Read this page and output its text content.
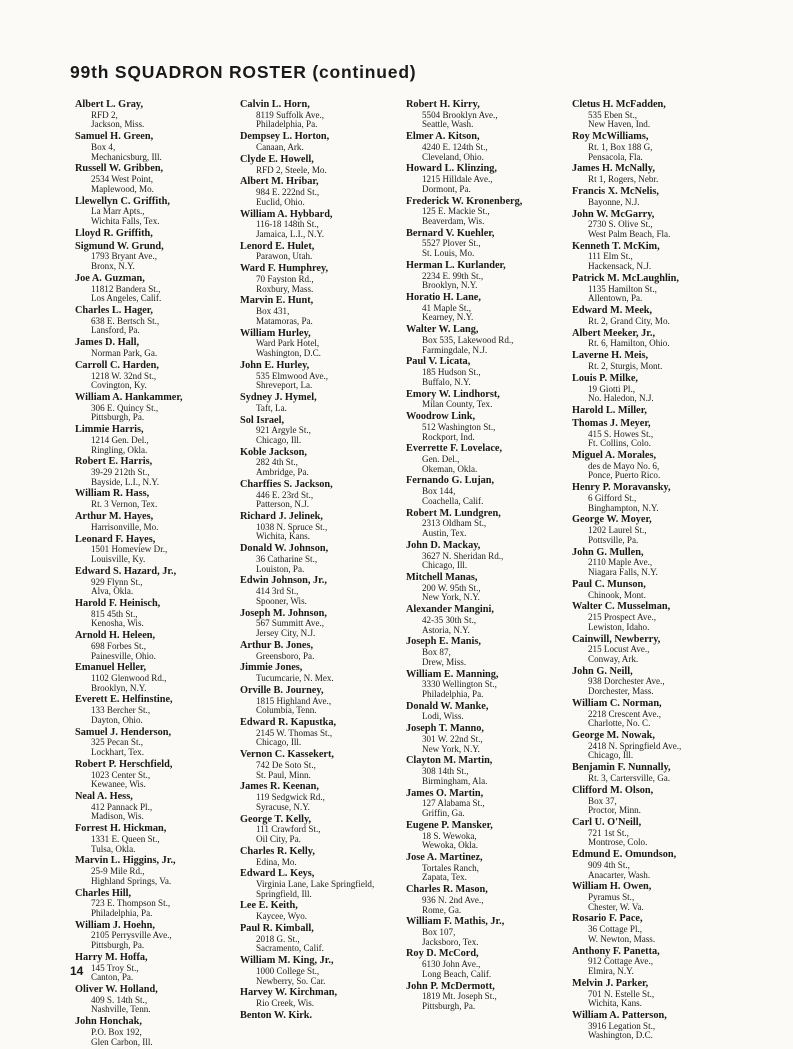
99th SQUADRON ROSTER (continued)
Albert L. Gray,
RFD 2,
Jackson, Miss.
Samuel H. Green,
Box 4,
Mechanicsburg, Ill.
Russell W. Gribben,
2534 West Point,
Maplewood, Mo.
Llewellyn C. Griffith,
La Marr Apts.,
Wichita Falls, Tex.
Lloyd R. Griffith,
Sigmund W. Grund,
1793 Bryant Ave.,
Bronx, N.Y.
Joe A. Guzman,
11812 Bandera St.,
Los Angeles, Calif.
Charles L. Hager,
638 E. Bertsch St.,
Lansford, Pa.
James D. Hall,
Norman Park, Ga.
Carroll C. Harden,
1218 W. 32nd St.,
Covington, Ky.
William A. Hankammer,
306 E. Quincy St.,
Pittsburgh, Pa.
Limmie Harris,
1214 Gen. Del.,
Ringling, Okla.
Robert E. Harris,
39-29 212th St.,
Bayside, L.I., N.Y.
William R. Hass,
Rt. 3 Vernon, Tex.
Arthur M. Hayes,
Harrisonville, Mo.
Leonard F. Hayes,
1501 Homeview Dr.,
Louisville, Ky.
Edward S. Hazard, Jr.,
929 Flynn St.,
Alva, Okla.
Harold F. Heinisch,
815 45th St.,
Kenosha, Wis.
Arnold H. Heleen,
698 Forbes St.,
Painesville, Ohio.
Emanuel Heller,
1102 Glenwood Rd.,
Brooklyn, N.Y.
Everett E. Helfinstine,
133 Bercher St.,
Dayton, Ohio.
Samuel J. Henderson,
325 Pecan St.,
Lockhart, Tex.
Robert P. Herschfield,
1023 Center St.,
Kewanee, Wis.
Neal A. Hess,
412 Pannack Pl.,
Madison, Wis.
Forrest H. Hickman,
1331 E. Queen St.,
Tulsa, Okla.
Marvin L. Higgins, Jr.,
25-9 Mile Rd.,
Highland Springs, Va.
Charles Hill,
723 E. Thompson St.,
Philadelphia, Pa.
William J. Hoehn,
2105 Perrysville Ave.,
Pittsburgh, Pa.
Harry M. Hoffa,
145 Troy St.,
Canton, Pa.
Oliver W. Holland,
409 S. 14th St.,
Nashville, Tenn.
John Honchak,
P.O. Box 192,
Glen Carbon, Ill.
Calvin L. Horn,
8119 Suffolk Ave.,
Philadelphia, Pa.
Dempsey L. Horton,
Canaan, Ark.
Clyde E. Howell,
RFD 2, Steele, Mo.
Albert M. Hribar,
984 E. 222nd St.,
Euclid, Ohio.
William A. Hybbard,
116-18 148th St.,
Jamaica, L.I., N.Y.
Lenord E. Hulet,
Parawon, Utah.
Ward F. Humphrey,
70 Fayston Rd.,
Roxbury, Mass.
Marvin E. Hunt,
Box 431,
Matamoras, Pa.
William Hurley,
Ward Park Hotel,
Washington, D.C.
John E. Hurley,
535 Elmwood Ave.,
Shreveport, La.
Sydney J. Hymel,
Taft, La.
Sol Israel,
921 Argyle St.,
Chicago, Ill.
Koble Jackson,
282 4th St.,
Ambridge, Pa.
Charffies S. Jackson,
446 E. 23rd St.,
Patterson, N.J.
Richard J. Jelinek,
1038 N. Spruce St.,
Wichita, Kans.
Donald W. Johnson,
36 Catharine St.,
Louiston, Pa.
Edwin Johnson, Jr.,
414 3rd St.,
Spooner, Wis.
Joseph M. Johnson,
567 Summitt Ave.,
Jersey City, N.J.
Arthur B. Jones,
Greensboro, Pa.
Jimmie Jones,
Tucumcarie, N. Mex.
Orville B. Journey,
1815 Highland Ave.,
Columbia, Tenn.
Edward R. Kapustka,
2145 W. Thomas St.,
Chicago, Ill.
Vernon C. Kassekert,
742 De Soto St.,
St. Paul, Minn.
James R. Keenan,
119 Sedgwick Rd.,
Syracuse, N.Y.
George T. Kelly,
111 Crawford St.,
Oil City, Pa.
Charles R. Kelly,
Edina, Mo.
Edward L. Keys,
Virginia Lane, Lake Springfield,
Springfield, Ill.
Lee E. Keith,
Kaycee, Wyo.
Paul R. Kimball,
2018 G. St.,
Sacramento, Calif.
William M. King, Jr.,
1000 College St.,
Newberry, So. Car.
Harvey W. Kirchman,
Rio Creek, Wis.
Benton W. Kirk.
Robert H. Kirry,
5504 Brooklyn Ave.,
Seattle, Wash.
Elmer A. Kitson,
4240 E. 124th St.,
Cleveland, Ohio.
Howard L. Klinzing,
1215 Hilldale Ave.,
Dormont, Pa.
Frederick W. Kronenberg,
125 E. Mackie St.,
Beaverdam, Wis.
Bernard V. Kuehler,
5527 Plover St.,
St. Louis, Mo.
Herman L. Kurlander,
2234 E. 99th St.,
Brooklyn, N.Y.
Horatio H. Lane,
41 Maple St.,
Kearney, N.Y.
Walter W. Lang,
Box 535, Lakewood Rd.,
Farmingdale, N.J.
Paul V. Licata,
185 Hudson St.,
Buffalo, N.Y.
Emory W. Lindhorst,
Milan County, Tex.
Woodrow Link,
512 Washington St.,
Rockport, Ind.
Everrette F. Lovelace,
Gen. Del.,
Okeman, Okla.
Fernando G. Lujan,
Box 144,
Coachella, Calif.
Robert M. Lundgren,
2313 Oldham St.,
Austin, Tex.
John D. Mackay,
3627 N. Sheridan Rd.,
Chicago, Ill.
Mitchell Manas,
200 W. 95th St.,
New York, N.Y.
Alexander Mangini,
42-35 30th St.,
Astoria, N.Y.
Joseph E. Manis,
Box 87,
Drew, Miss.
William E. Manning,
3330 Wellington St.,
Philadelphia, Pa.
Donald W. Manke,
Lodi, Wiss.
Joseph T. Manno,
301 W. 22nd St.,
New York, N.Y.
Clayton M. Martin,
308 14th St.,
Birmingham, Ala.
James O. Martin,
127 Alabama St.,
Griffin, Ga.
Eugene P. Mansker,
18 S. Wewoka,
Wewoka, Okla.
Jose A. Martinez,
Tortales Ranch,
Zapata, Tex.
Charles R. Mason,
936 N. 2nd Ave.,
Rome, Ga.
William F. Mathis, Jr.,
Box 107,
Jacksboro, Tex.
Roy D. McCord,
6130 John Ave.,
Long Beach, Calif.
John P. McDermott,
1819 Mt. Joseph St.,
Pittsburgh, Pa.
Cletus H. McFadden,
535 Eben St.,
New Haven, Ind.
Roy McWilliams,
Rt. 1, Box 188 G,
Pensacola, Fla.
James H. McNally,
Rt 1, Rogers, Nebr.
Francis X. McNelis,
Bayonne, N.J.
John W. McGarry,
2730 S. Olive St.,
West Palm Beach, Fla.
Kenneth T. McKim,
111 Elm St.,
Hackensack, N.J.
Patrick M. McLaughlin,
1135 Hamilton St.,
Allentown, Pa.
Edward M. Meek,
Rt. 2, Grand City, Mo.
Albert Meeker, Jr.,
Rt. 6, Hamilton, Ohio.
Laverne H. Meis,
Rt. 2, Sturgis, Mont.
Louis P. Milke,
19 Giotti Pl.,
No. Haledon, N.J.
Harold L. Miller,
Thomas J. Meyer,
415 S. Howes St.,
Ft. Collins, Colo.
Miguel A. Morales,
des de Mayo No. 6,
Ponce, Puerto Rico.
Henry P. Moravansky,
6 Gifford St.,
Binghampton, N.Y.
George W. Moyer,
1202 Laurel St.,
Pottsville, Pa.
John G. Mullen,
2110 Maple Ave.,
Niagara Falls, N.Y.
Paul C. Munson,
Chinook, Mont.
Walter C. Musselman,
215 Prospect Ave.,
Lewiston, Idaho.
Cainwill, Newberry,
215 Locust Ave.,
Conway, Ark.
John G. Neill,
938 Dorchester Ave.,
Dorchester, Mass.
William C. Norman,
2218 Crescent Ave.,
Charlotte, No. C.
George M. Nowak,
2418 N. Springfield Ave.,
Chicago, Ill.
Benjamin F. Nunnally,
Rt. 3, Cartersville, Ga.
Clifford M. Olson,
Box 37,
Proctor, Minn.
Carl U. O'Neill,
721 1st St.,
Montrose, Colo.
Edmund E. Omundson,
909 4th St.,
Anacarter, Wash.
William H. Owen,
Pyramus St.,
Chester, W. Va.
Rosario F. Pace,
36 Cottage Pl.,
W. Newton, Mass.
Anthony F. Panetta,
912 Cottage Ave.,
Elmira, N.Y.
Melvin J. Parker,
701 N. Estelle St.,
Wichita, Kans.
William A. Patterson,
3916 Legation St.,
Washington, D.C.
14
